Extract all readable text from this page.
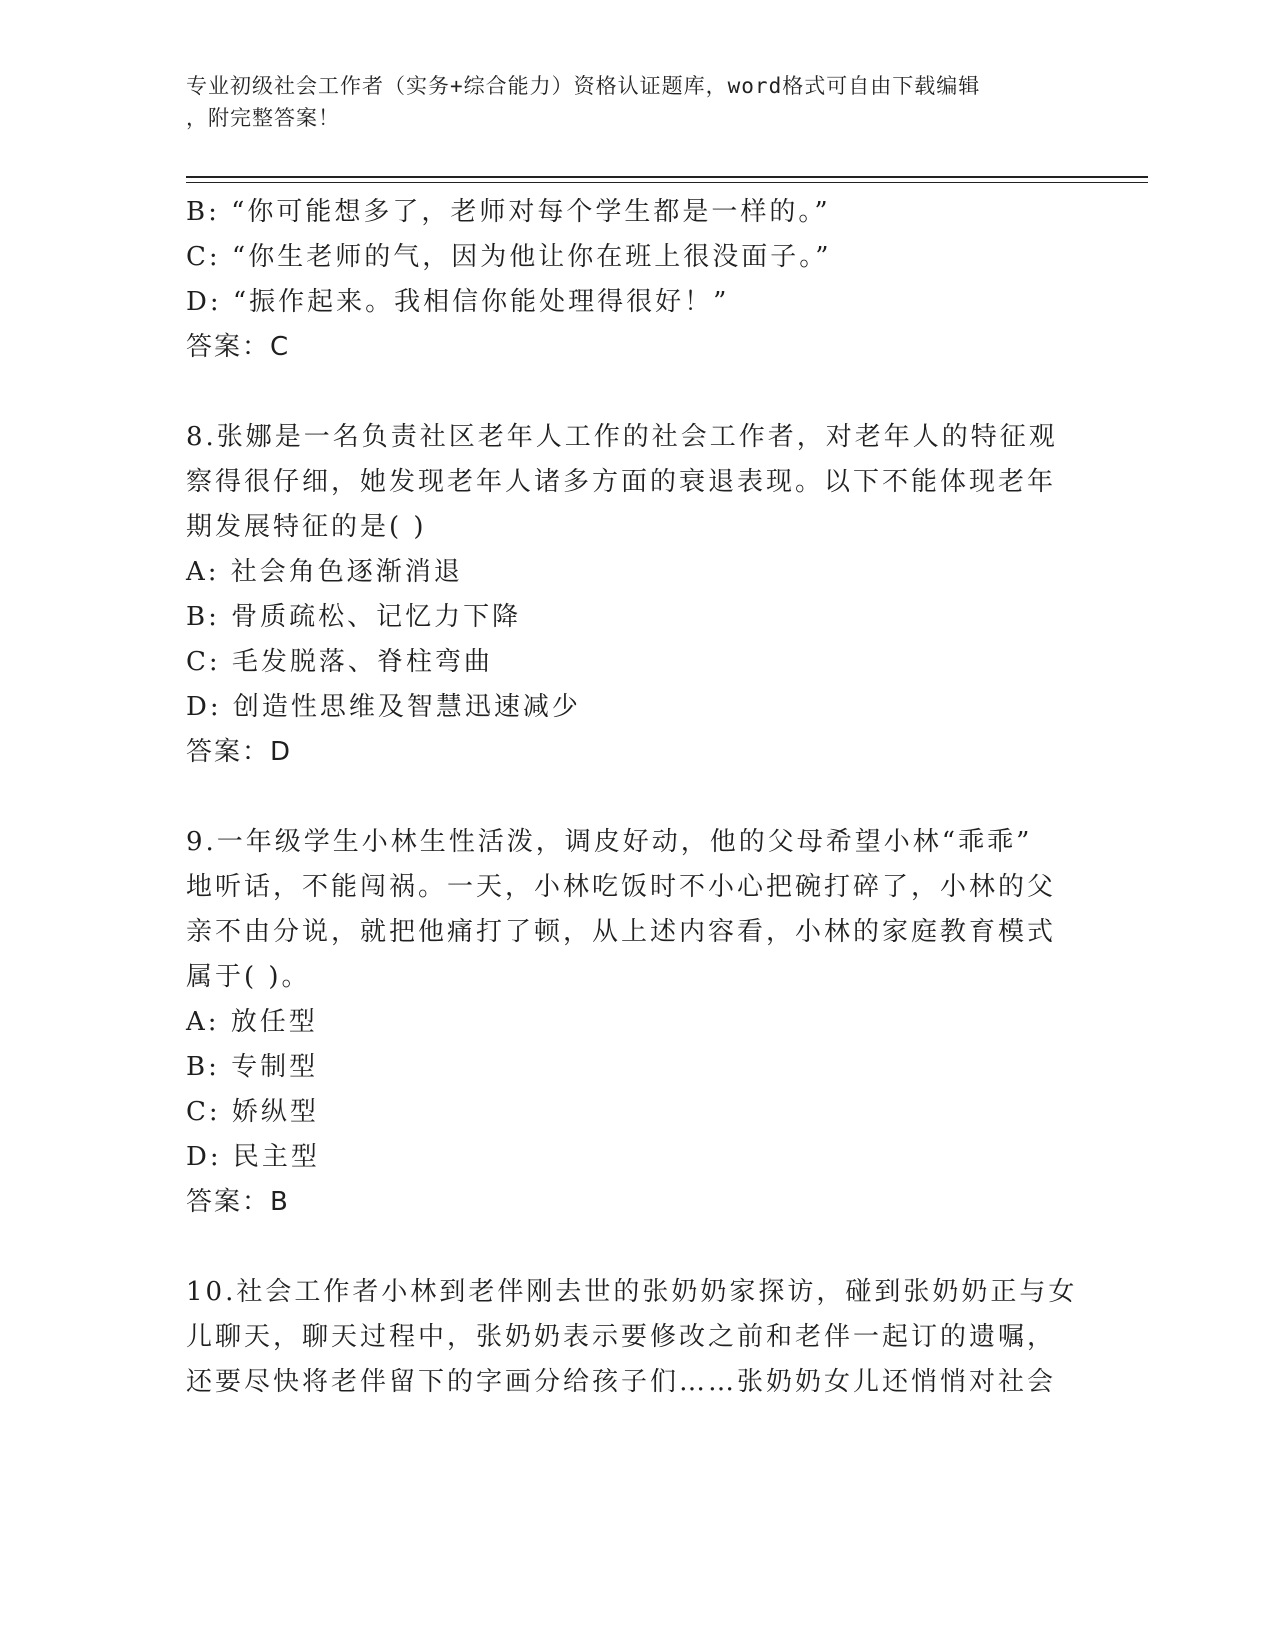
专业初级社会工作者（实务+综合能力）资格认证题库，word格式可自由下载编辑
，附完整答案！
B: “你可能想多了，老师对每个学生都是一样的。”
C: “你生老师的气，因为他让你在班上很没面子。”
D: “振作起来。我相信你能处理得很好！”
答案：C
8.张娜是一名负责社区老年人工作的社会工作者，对老年人的特征观
察得很仔细，她发现老年人诸多方面的衰退表现。以下不能体现老年
期发展特征的是( )
A: 社会角色逐渐消退
B: 骨质疏松、记忆力下降
C: 毛发脱落、脊柱弯曲
D: 创造性思维及智慧迅速减少
答案：D
9.一年级学生小林生性活泼，调皮好动，他的父母希望小林“乖乖”
地听话，不能闯祸。一天，小林吃饭时不小心把碗打碎了，小林的父
亲不由分说，就把他痛打了顿，从上述内容看，小林的家庭教育模式
属于( )。
A: 放任型
B: 专制型
C: 娇纵型
D: 民主型
答案：B
10.社会工作者小林到老伴刚去世的张奶奶家探访，碰到张奶奶正与女
儿聊天，聊天过程中，张奶奶表示要修改之前和老伴一起订的遗嘱，
还要尽快将老伴留下的字画分给孩子们……张奶奶女儿还悄悄对社会
